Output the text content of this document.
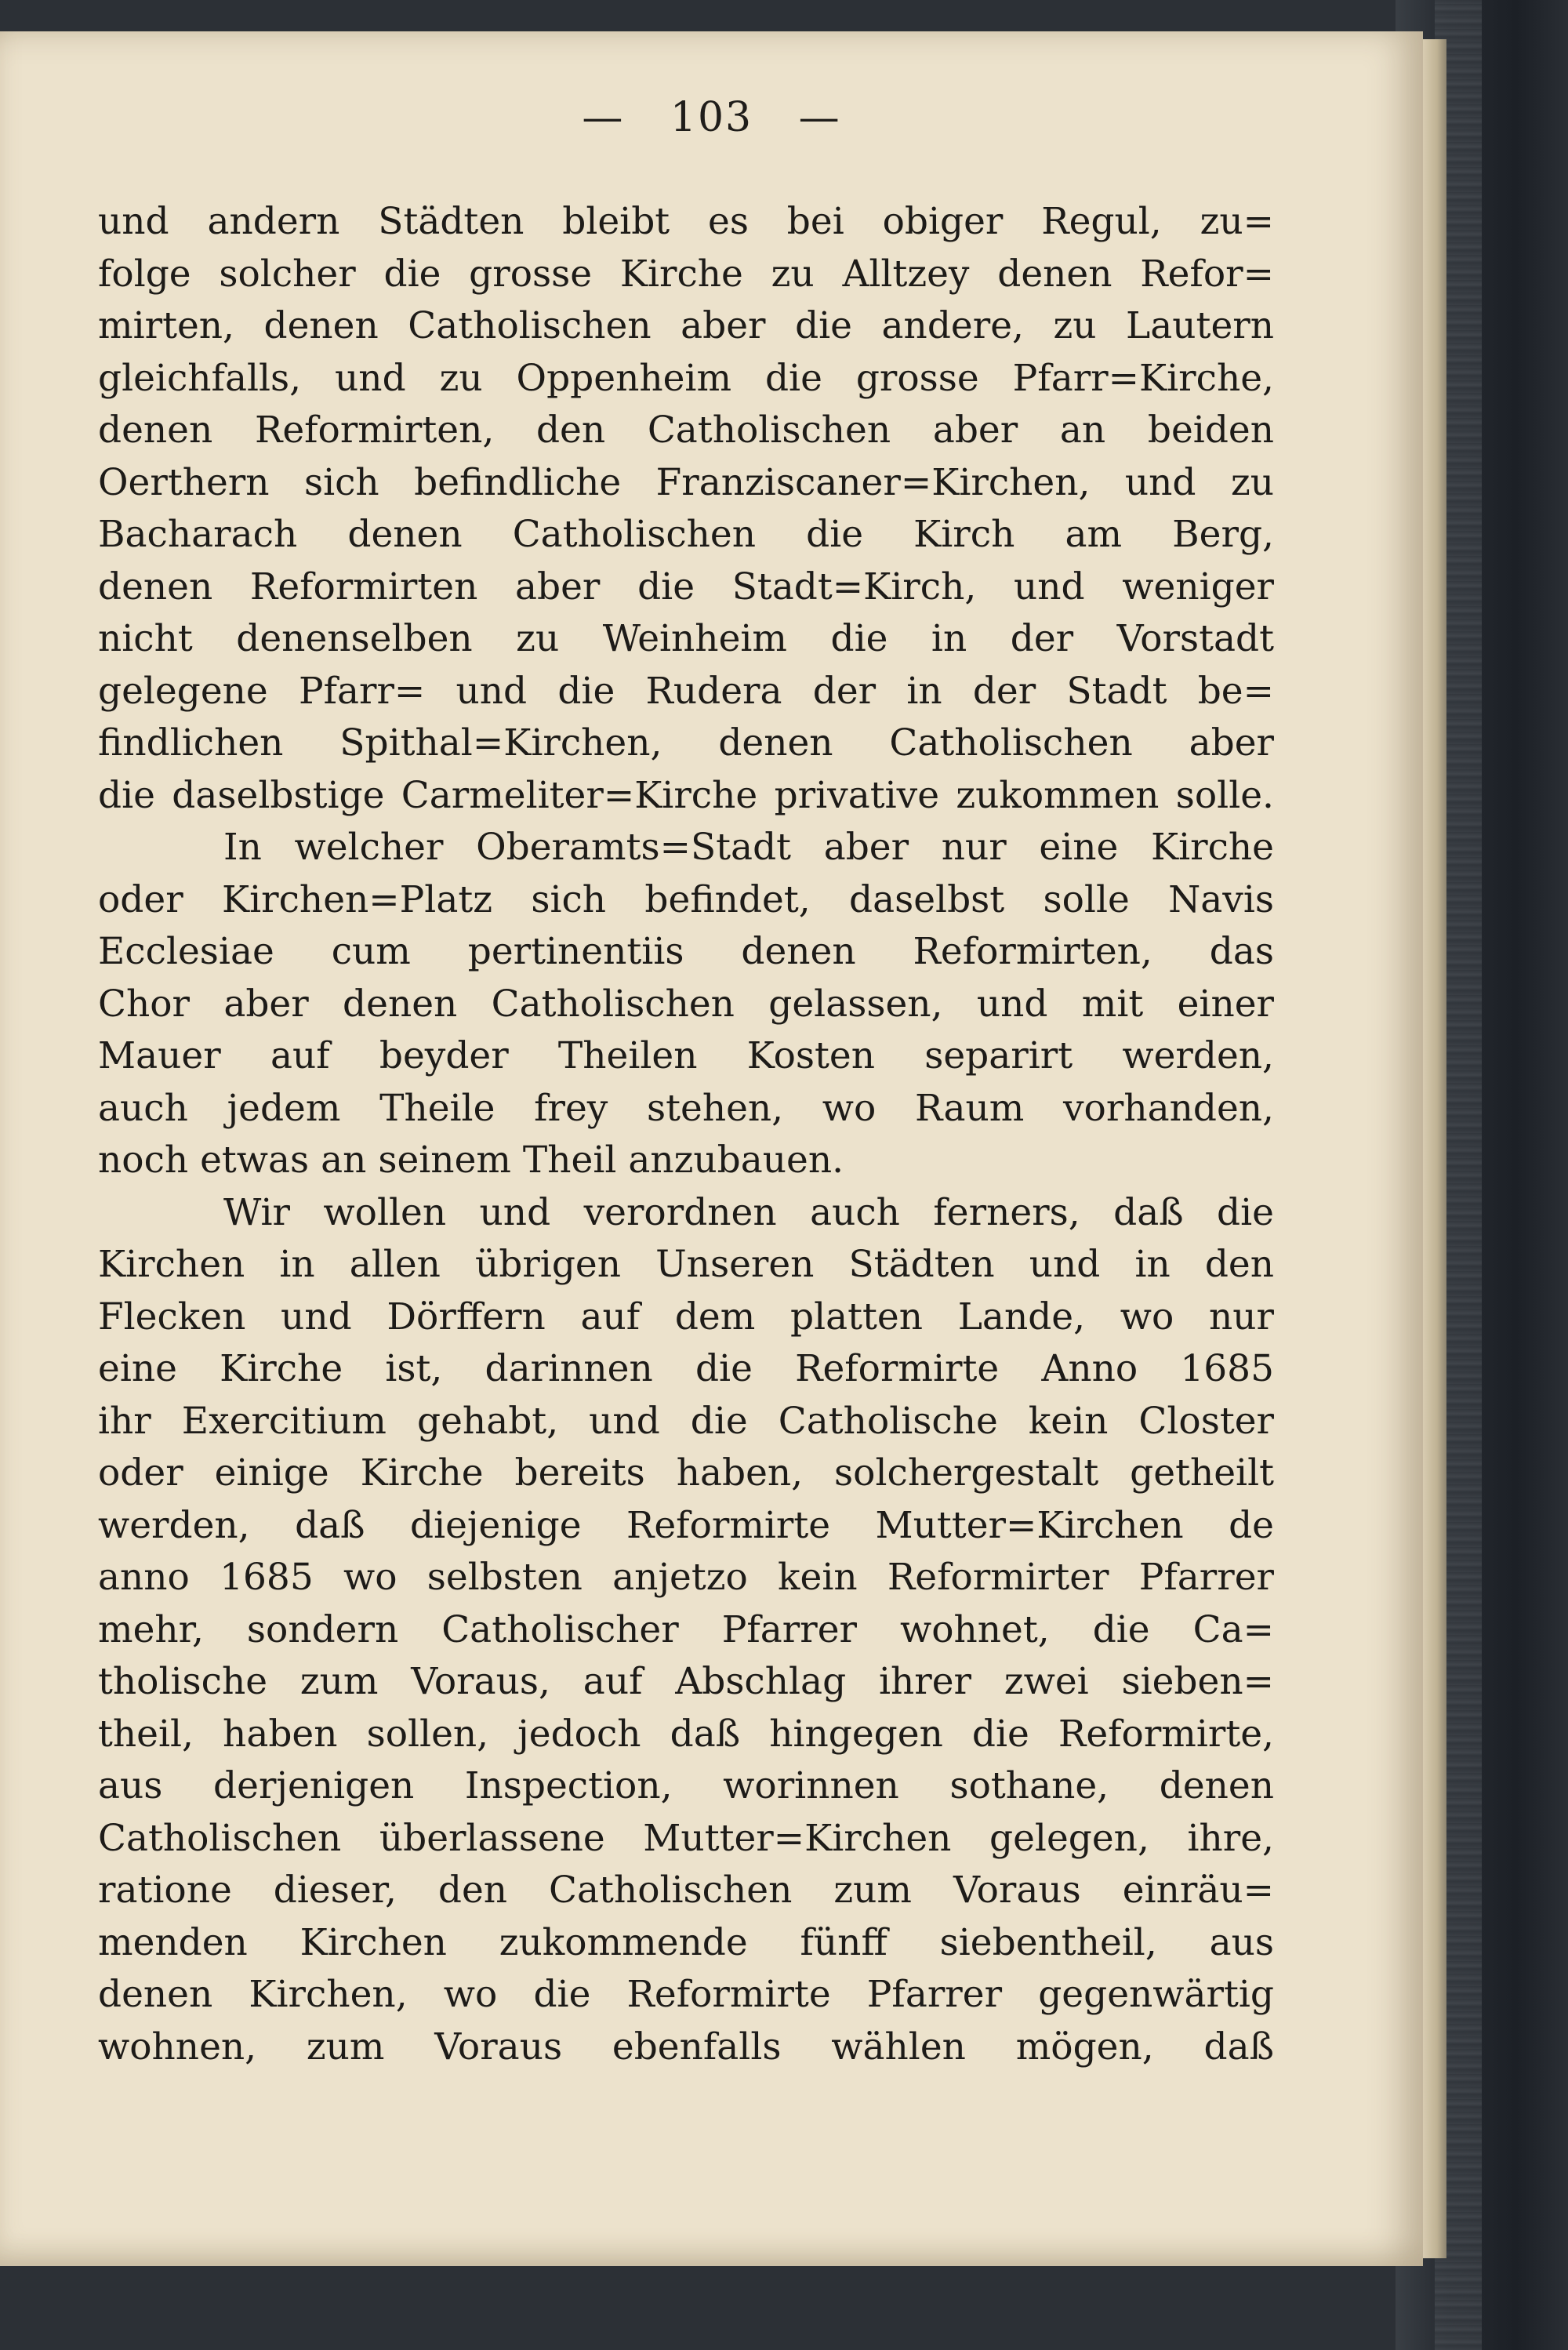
— 103 —
und andern Städten bleibt es bei obiger Regul, zu=
folge solcher die grosse Kirche zu Alltzey denen Refor=
mirten, denen Catholischen aber die andere, zu Lautern
gleichfalls, und zu Oppenheim die grosse Pfarr=Kirche,
denen Reformirten, den Catholischen aber an beiden
Oerthern sich befindliche Franziscaner=Kirchen, und zu
Bacharach denen Catholischen die Kirch am Berg,
denen Reformirten aber die Stadt=Kirch, und weniger
nicht denenselben zu Weinheim die in der Vorstadt
gelegene Pfarr= und die Rudera der in der Stadt be=
findlichen Spithal=Kirchen, denen Catholischen aber
die daselbstige Carmeliter=Kirche privative zukommen solle.
In welcher Oberamts=Stadt aber nur eine Kirche
oder Kirchen=Platz sich befindet, daselbst solle Navis
Ecclesiae cum pertinentiis denen Reformirten, das
Chor aber denen Catholischen gelassen, und mit einer
Mauer auf beyder Theilen Kosten separirt werden,
auch jedem Theile frey stehen, wo Raum vorhanden,
noch etwas an seinem Theil anzubauen.
Wir wollen und verordnen auch ferners, daß die
Kirchen in allen übrigen Unseren Städten und in den
Flecken und Dörffern auf dem platten Lande, wo nur
eine Kirche ist, darinnen die Reformirte Anno 1685
ihr Exercitium gehabt, und die Catholische kein Closter
oder einige Kirche bereits haben, solchergestalt getheilt
werden, daß diejenige Reformirte Mutter=Kirchen de
anno 1685 wo selbsten anjetzo kein Reformirter Pfarrer
mehr, sondern Catholischer Pfarrer wohnet, die Ca=
tholische zum Voraus, auf Abschlag ihrer zwei sieben=
theil, haben sollen, jedoch daß hingegen die Reformirte,
aus derjenigen Inspection, worinnen sothane, denen
Catholischen überlassene Mutter=Kirchen gelegen, ihre,
ratione dieser, den Catholischen zum Voraus einräu=
menden Kirchen zukommende fünff siebentheil, aus
denen Kirchen, wo die Reformirte Pfarrer gegenwärtig
wohnen, zum Voraus ebenfalls wählen mögen, daß
